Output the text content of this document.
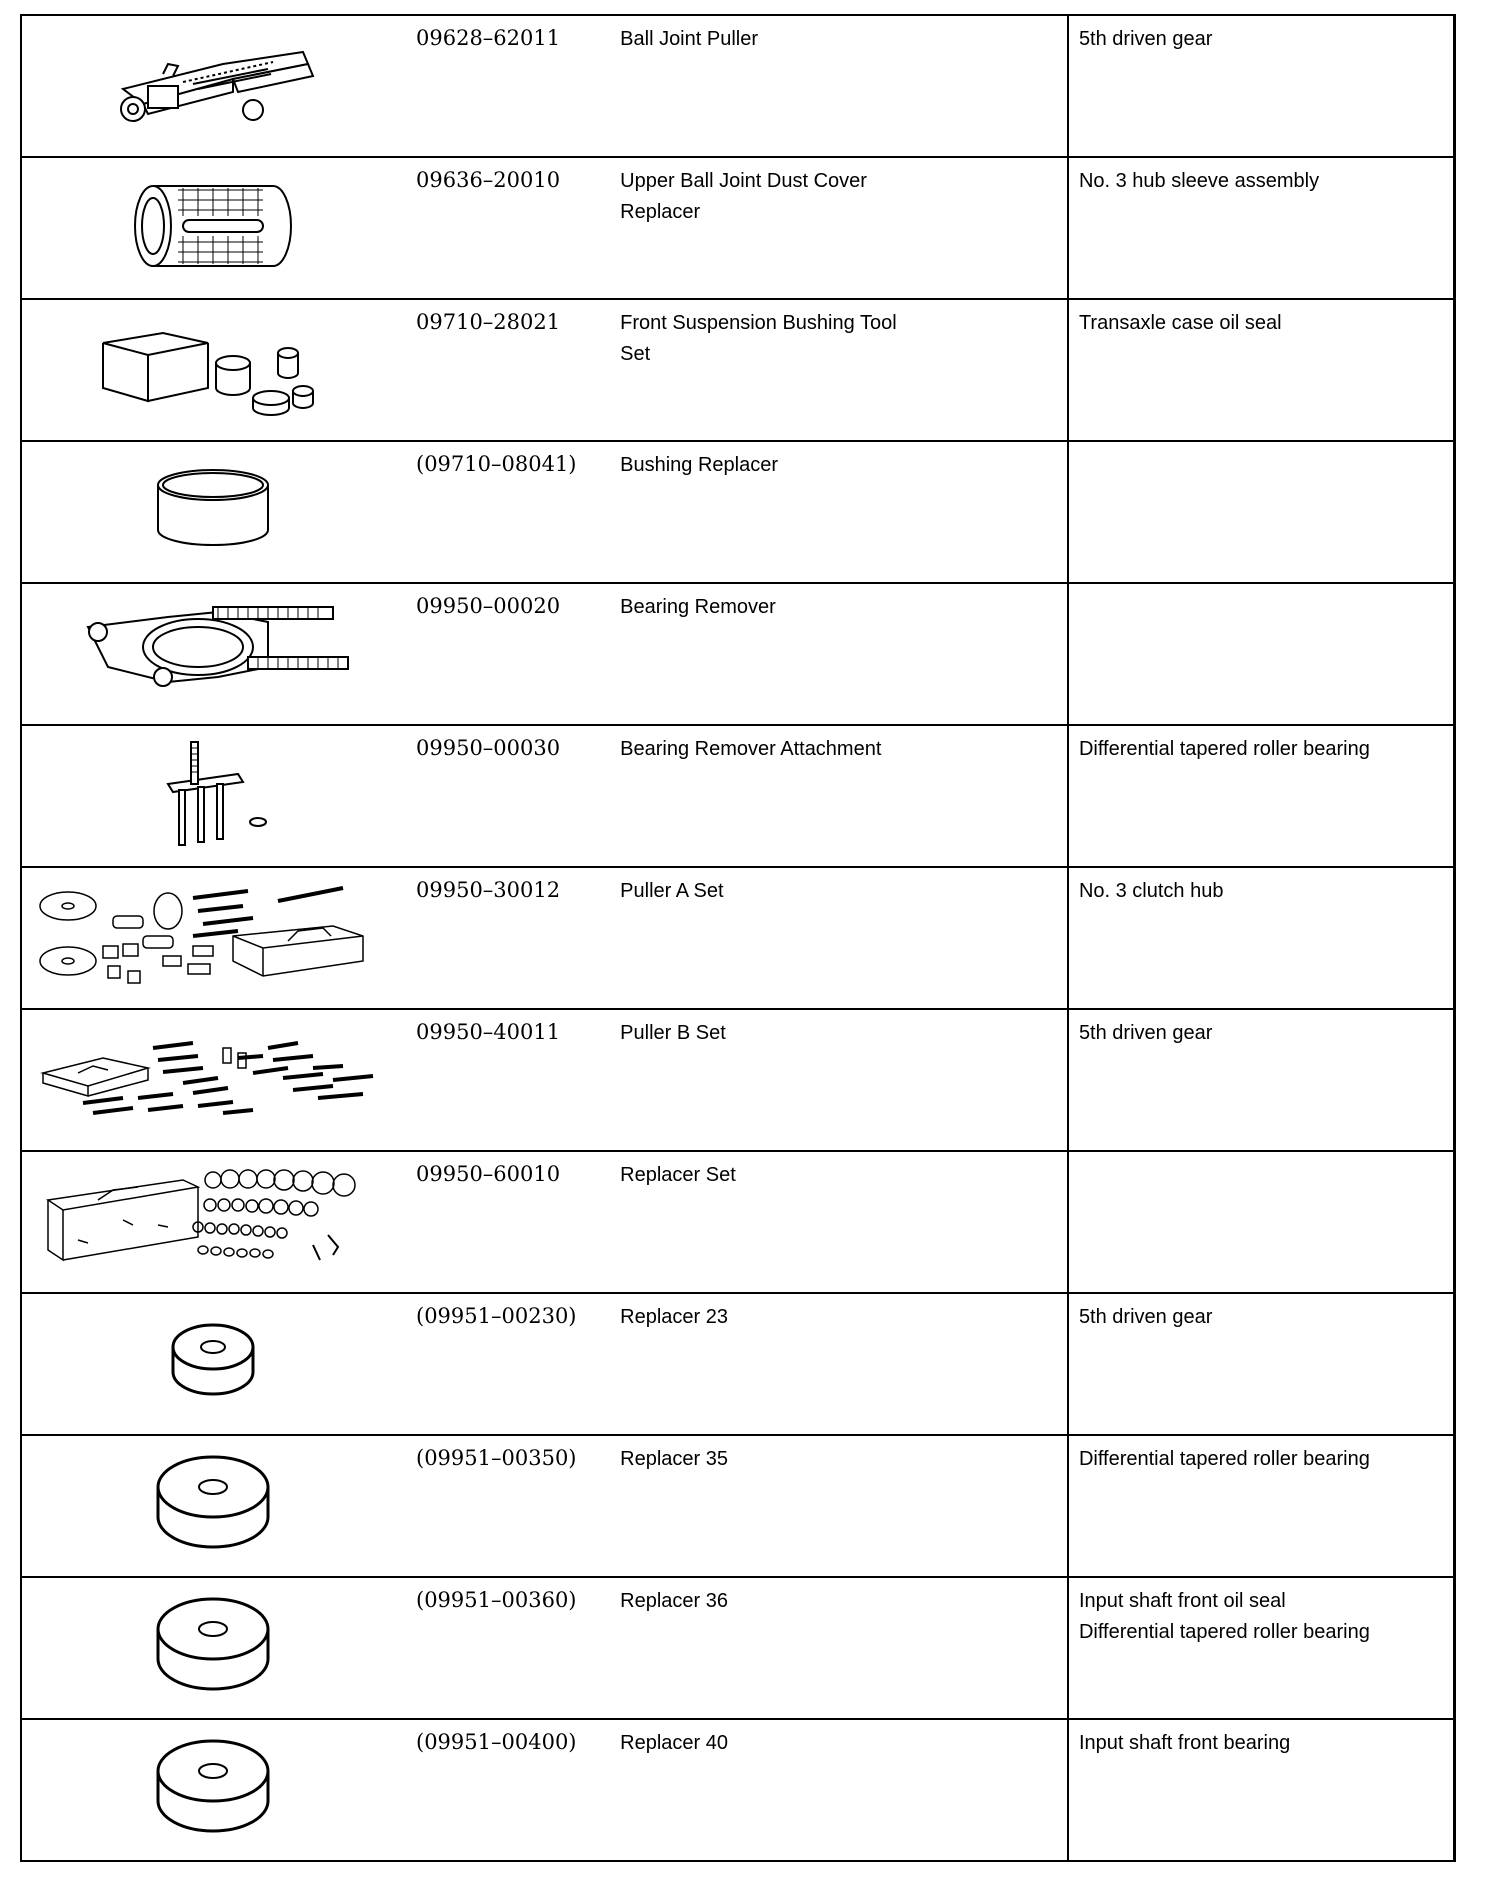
09628–62011	Ball Joint Puller	5th driven gear

09636–20010	Upper Ball Joint Dust Cover
Replacer	No. 3 hub sleeve assembly

09710–28021	Front Suspension Bushing Tool
Set	Transaxle case oil seal

(09710–08041)	Bushing Replacer	

09950–00020	Bearing Remover	

09950–00030	Bearing Remover Attachment	Differential tapered roller bearing

09950–30012	Puller A Set	No. 3 clutch hub

09950–40011	Puller B Set	5th driven gear

09950–60010	Replacer Set	

(09951–00230)	Replacer 23	5th driven gear

(09951–00350)	Replacer 35	Differential tapered roller bearing

(09951–00360)	Replacer 36	Input shaft front oil seal
Differential tapered roller bearing

(09951–00400)	Replacer 40	Input shaft front bearing
